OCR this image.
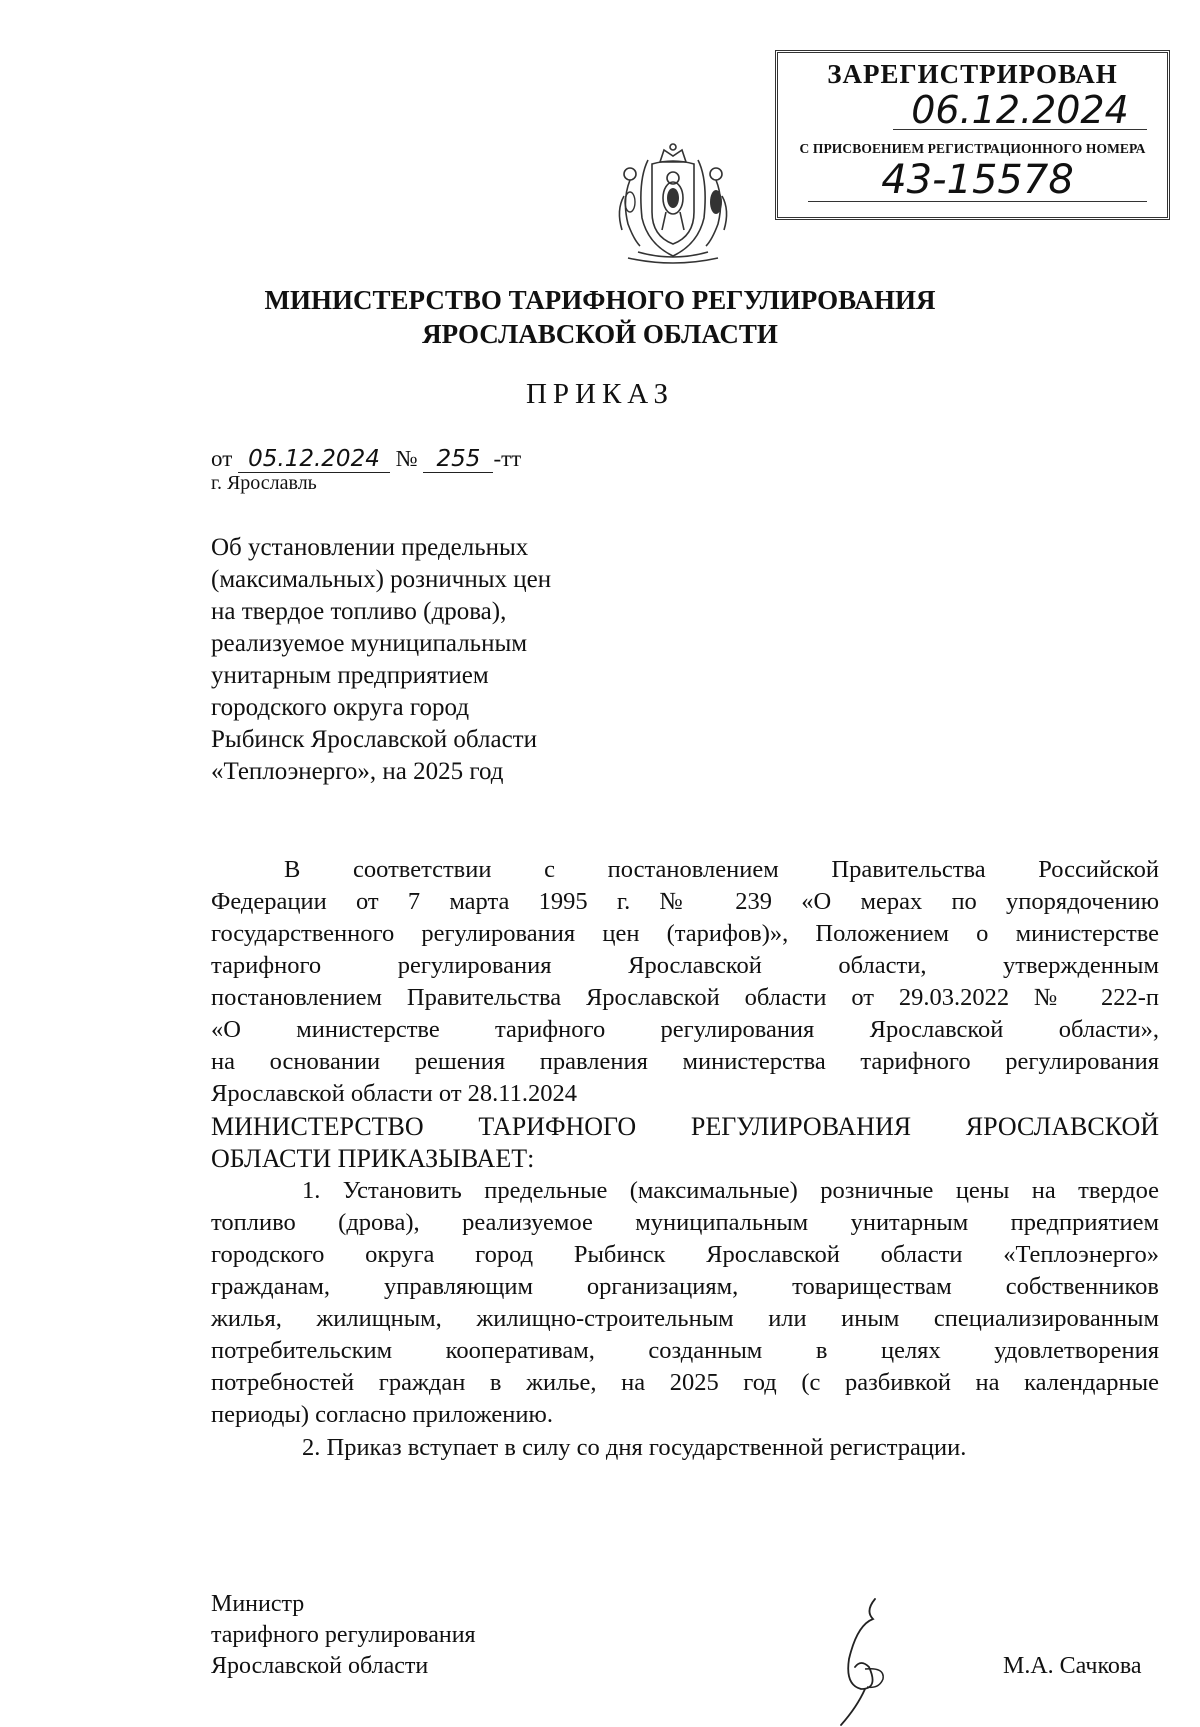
ЗАРЕГИСТРИРОВАН
06.12.2024
С ПРИСВОЕНИЕМ РЕГИСТРАЦИОННОГО НОМЕРА
43-15578
МИНИСТЕРСТВО ТАРИФНОГО РЕГУЛИРОВАНИЯ
ЯРОСЛАВСКОЙ ОБЛАСТИ
ПРИКАЗ
от 05.12.2024 № 255 -тт
г. Ярославль
Об установлении предельных
(максимальных) розничных цен
на твердое топливо (дрова),
реализуемое муниципальным
унитарным предприятием
городского округа город
Рыбинск Ярославской области
«Теплоэнерго», на 2025 год
В соответствии с постановлением Правительства Российской
Федерации от 7 марта 1995 г. № 239 «О мерах по упорядочению
государственного регулирования цен (тарифов)», Положением о министерстве
тарифного регулирования Ярославской области, утвержденным
постановлением Правительства Ярославской области от 29.03.2022 № 222-п
«О министерстве тарифного регулирования Ярославской области»,
на основании решения правления министерства тарифного регулирования
Ярославской области от 28.11.2024
МИНИСТЕРСТВО ТАРИФНОГО РЕГУЛИРОВАНИЯ ЯРОСЛАВСКОЙ
ОБЛАСТИ ПРИКАЗЫВАЕТ:
1. Установить предельные (максимальные) розничные цены на твердое
топливо (дрова), реализуемое муниципальным унитарным предприятием
городского округа город Рыбинск Ярославской области «Теплоэнерго»
гражданам, управляющим организациям, товариществам собственников
жилья, жилищным, жилищно-строительным или иным специализированным
потребительским кооперативам, созданным в целях удовлетворения
потребностей граждан в жилье, на 2025 год (с разбивкой на календарные
периоды) согласно приложению.
2. Приказ вступает в силу со дня государственной регистрации.
Министр
тарифного регулирования
Ярославской области	М.А. Сачкова
